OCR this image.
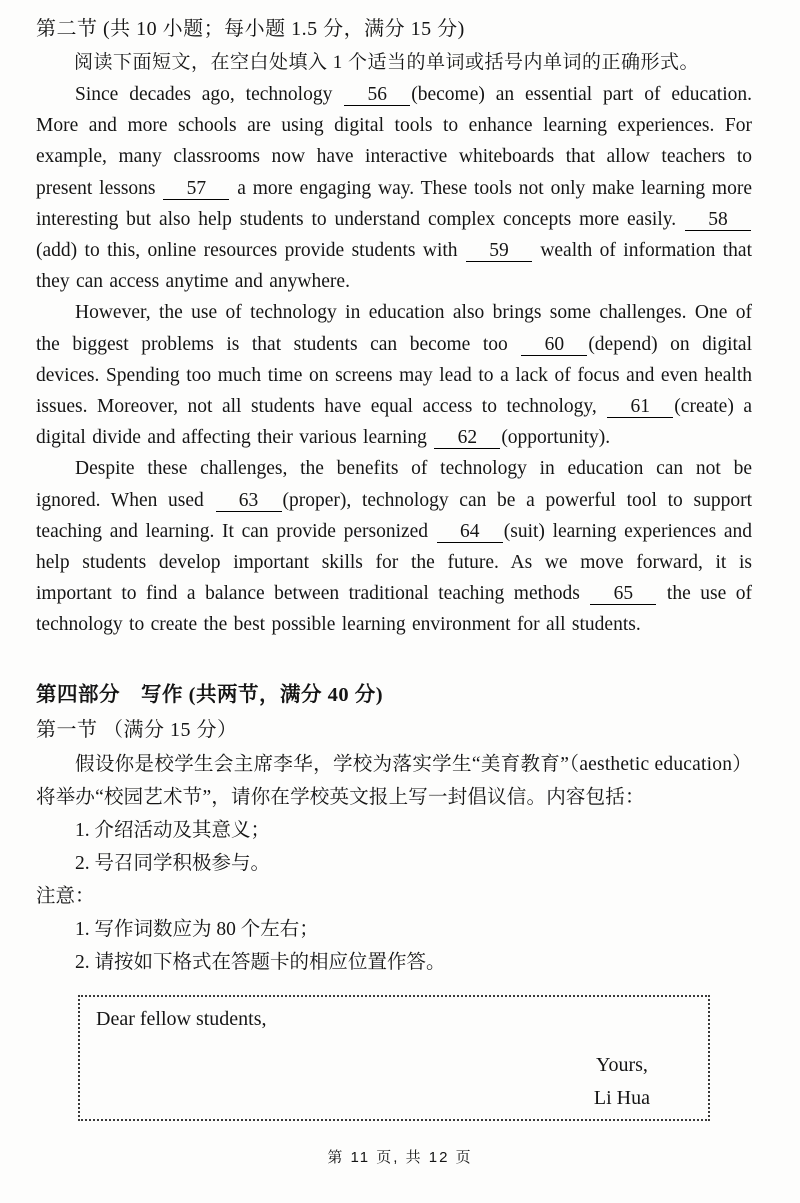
第二节 (共 10 小题；每小题 1.5 分，满分 15 分)
阅读下面短文，在空白处填入 1 个适当的单词或括号内单词的正确形式。
Since decades ago, technology 56 (become) an essential part of education. More and more schools are using digital tools to enhance learning experiences. For example, many classrooms now have interactive whiteboards that allow teachers to present lessons 57 a more engaging way. These tools not only make learning more interesting but also help students to understand complex concepts more easily. 58(add) to this, online resources provide students with 59 wealth of information that they can access anytime and anywhere.
However, the use of technology in education also brings some challenges. One of the biggest problems is that students can become too 60 (depend) on digital devices. Spending too much time on screens may lead to a lack of focus and even health issues. Moreover, not all students have equal access to technology, 61 (create) a digital divide and affecting their various learning 62 (opportunity).
Despite these challenges, the benefits of technology in education can not be ignored. When used 63 (proper), technology can be a powerful tool to support teaching and learning. It can provide personized 64 (suit) learning experiences and help students develop important skills for the future. As we move forward, it is important to find a balance between traditional teaching methods 65 the use of technology to create the best possible learning environment for all students.
第四部分　写作 (共两节，满分 40 分)
第一节 （满分 15 分）
假设你是校学生会主席李华，学校为落实学生“美育教育”（aesthetic education）将举办“校园艺术节”，请你在学校英文报上写一封倡议信。内容包括：
1. 介绍活动及其意义；
2. 号召同学积极参与。
注意：
1. 写作词数应为 80 个左右；
2. 请按如下格式在答题卡的相应位置作答。
Dear fellow students,
Yours,
Li Hua
第 11 页, 共 12 页
